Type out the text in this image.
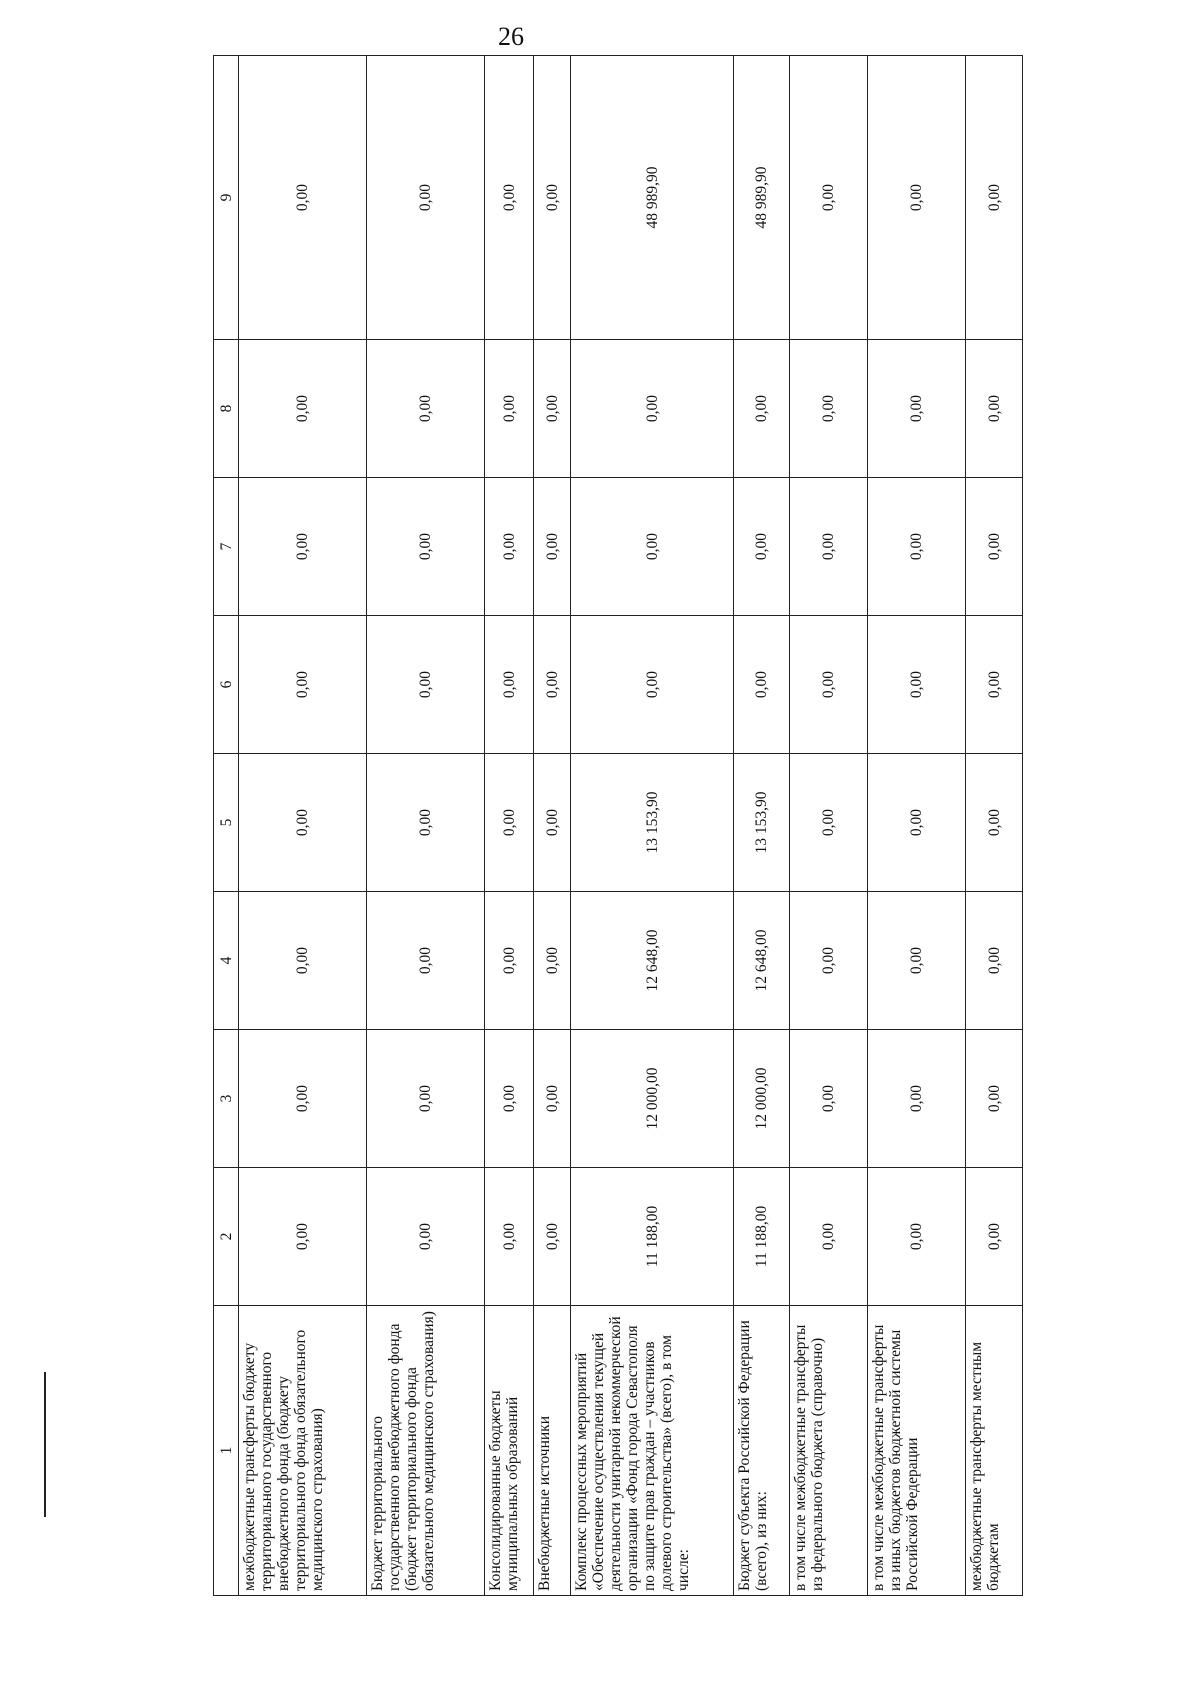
26
1	2	3	4	5	6	7	8	9
межбюджетные трансферты бюджету территориального государственного внебюджетного фонда (бюджету территориального фонда обязательного медицинского страхования)	0,00	0,00	0,00	0,00	0,00	0,00	0,00	0,00
Бюджет территориального государственного внебюджетного фонда (бюджет территориального фонда обязательного медицинского страхования)	0,00	0,00	0,00	0,00	0,00	0,00	0,00	0,00
Консолидированные бюджеты муниципальных образований	0,00	0,00	0,00	0,00	0,00	0,00	0,00	0,00
Внебюджетные источники	0,00	0,00	0,00	0,00	0,00	0,00	0,00	0,00
Комплекс процессных мероприятий «Обеспечение осуществления текущей деятельности унитарной некоммерческой организации «Фонд города Севастополя по защите прав граждан – участников долевого строительства» (всего), в том числе:	11 188,00	12 000,00	12 648,00	13 153,90	0,00	0,00	0,00	48 989,90
Бюджет субъекта Российской Федерации (всего), из них:	11 188,00	12 000,00	12 648,00	13 153,90	0,00	0,00	0,00	48 989,90
в том числе межбюджетные трансферты из федерального бюджета (справочно)	0,00	0,00	0,00	0,00	0,00	0,00	0,00	0,00
в том числе межбюджетные трансферты из иных бюджетов бюджетной системы Российской Федерации	0,00	0,00	0,00	0,00	0,00	0,00	0,00	0,00
межбюджетные трансферты местным бюджетам	0,00	0,00	0,00	0,00	0,00	0,00	0,00	0,00
